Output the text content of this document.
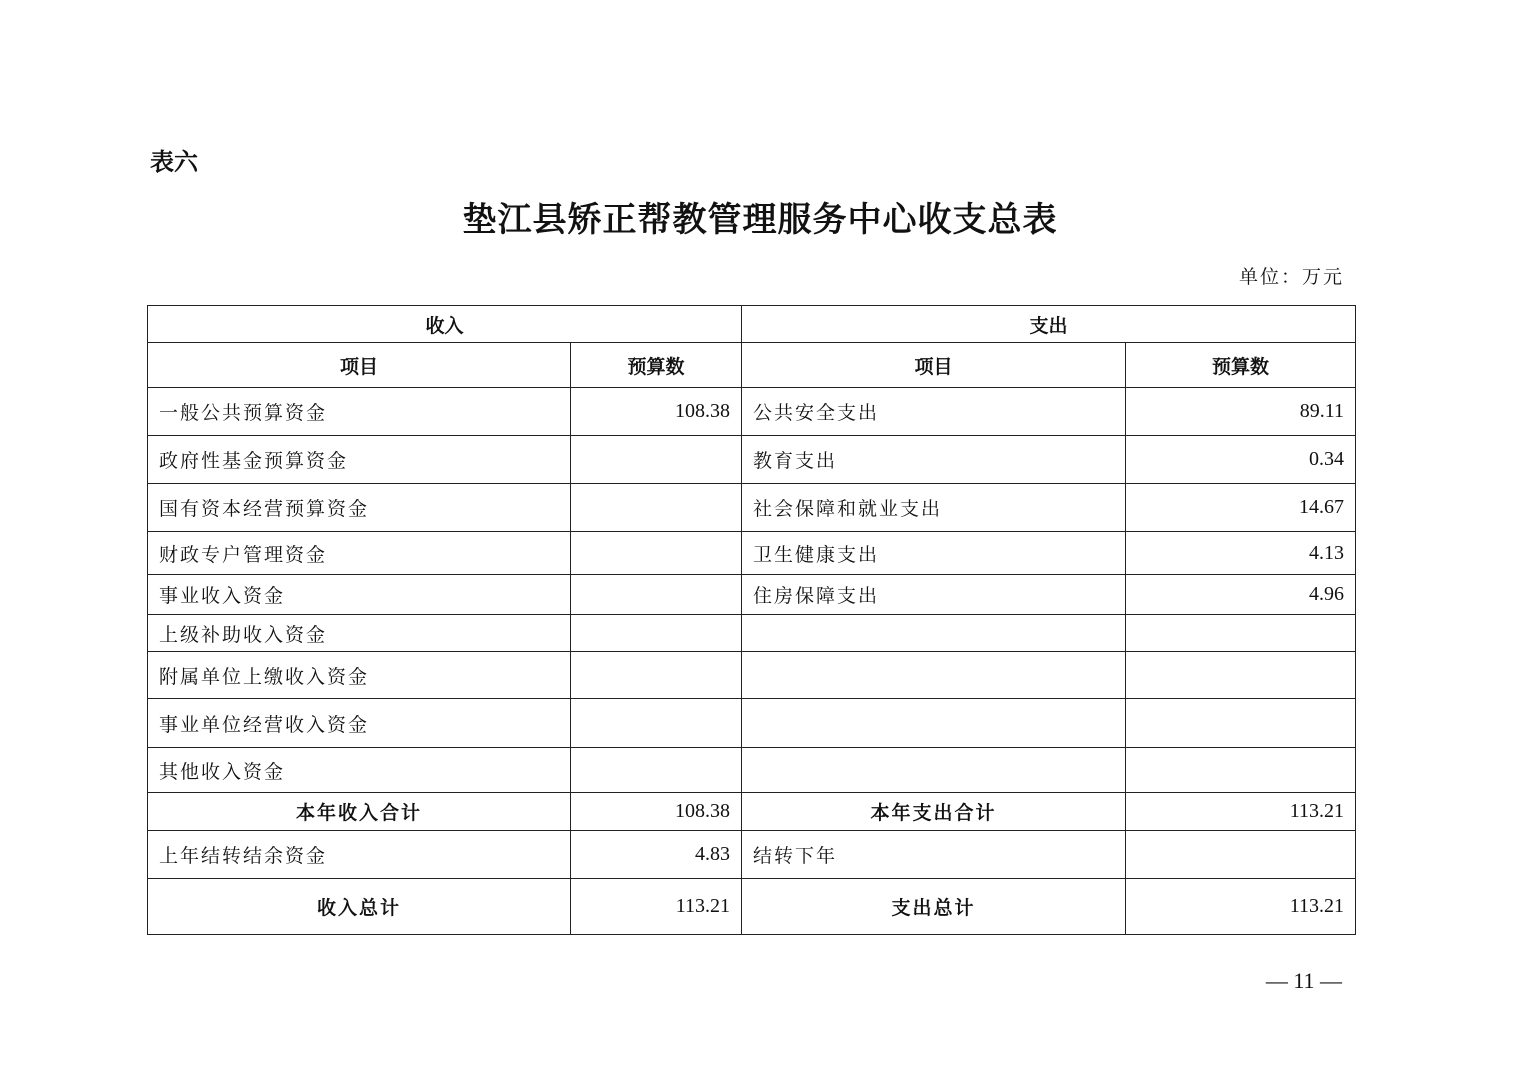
表六
垫江县矫正帮教管理服务中心收支总表
单位：万元
收入		支出	
项目	预算数	项目	预算数
一般公共预算资金	108.38	公共安全支出	89.11
政府性基金预算资金		教育支出	0.34
国有资本经营预算资金		社会保障和就业支出	14.67
财政专户管理资金		卫生健康支出	4.13
事业收入资金		住房保障支出	4.96
上级补助收入资金			
附属单位上缴收入资金			
事业单位经营收入资金			
其他收入资金			
本年收入合计	108.38	本年支出合计	113.21
上年结转结余资金	4.83	结转下年	
收入总计	113.21	支出总计	113.21
— 11 —
